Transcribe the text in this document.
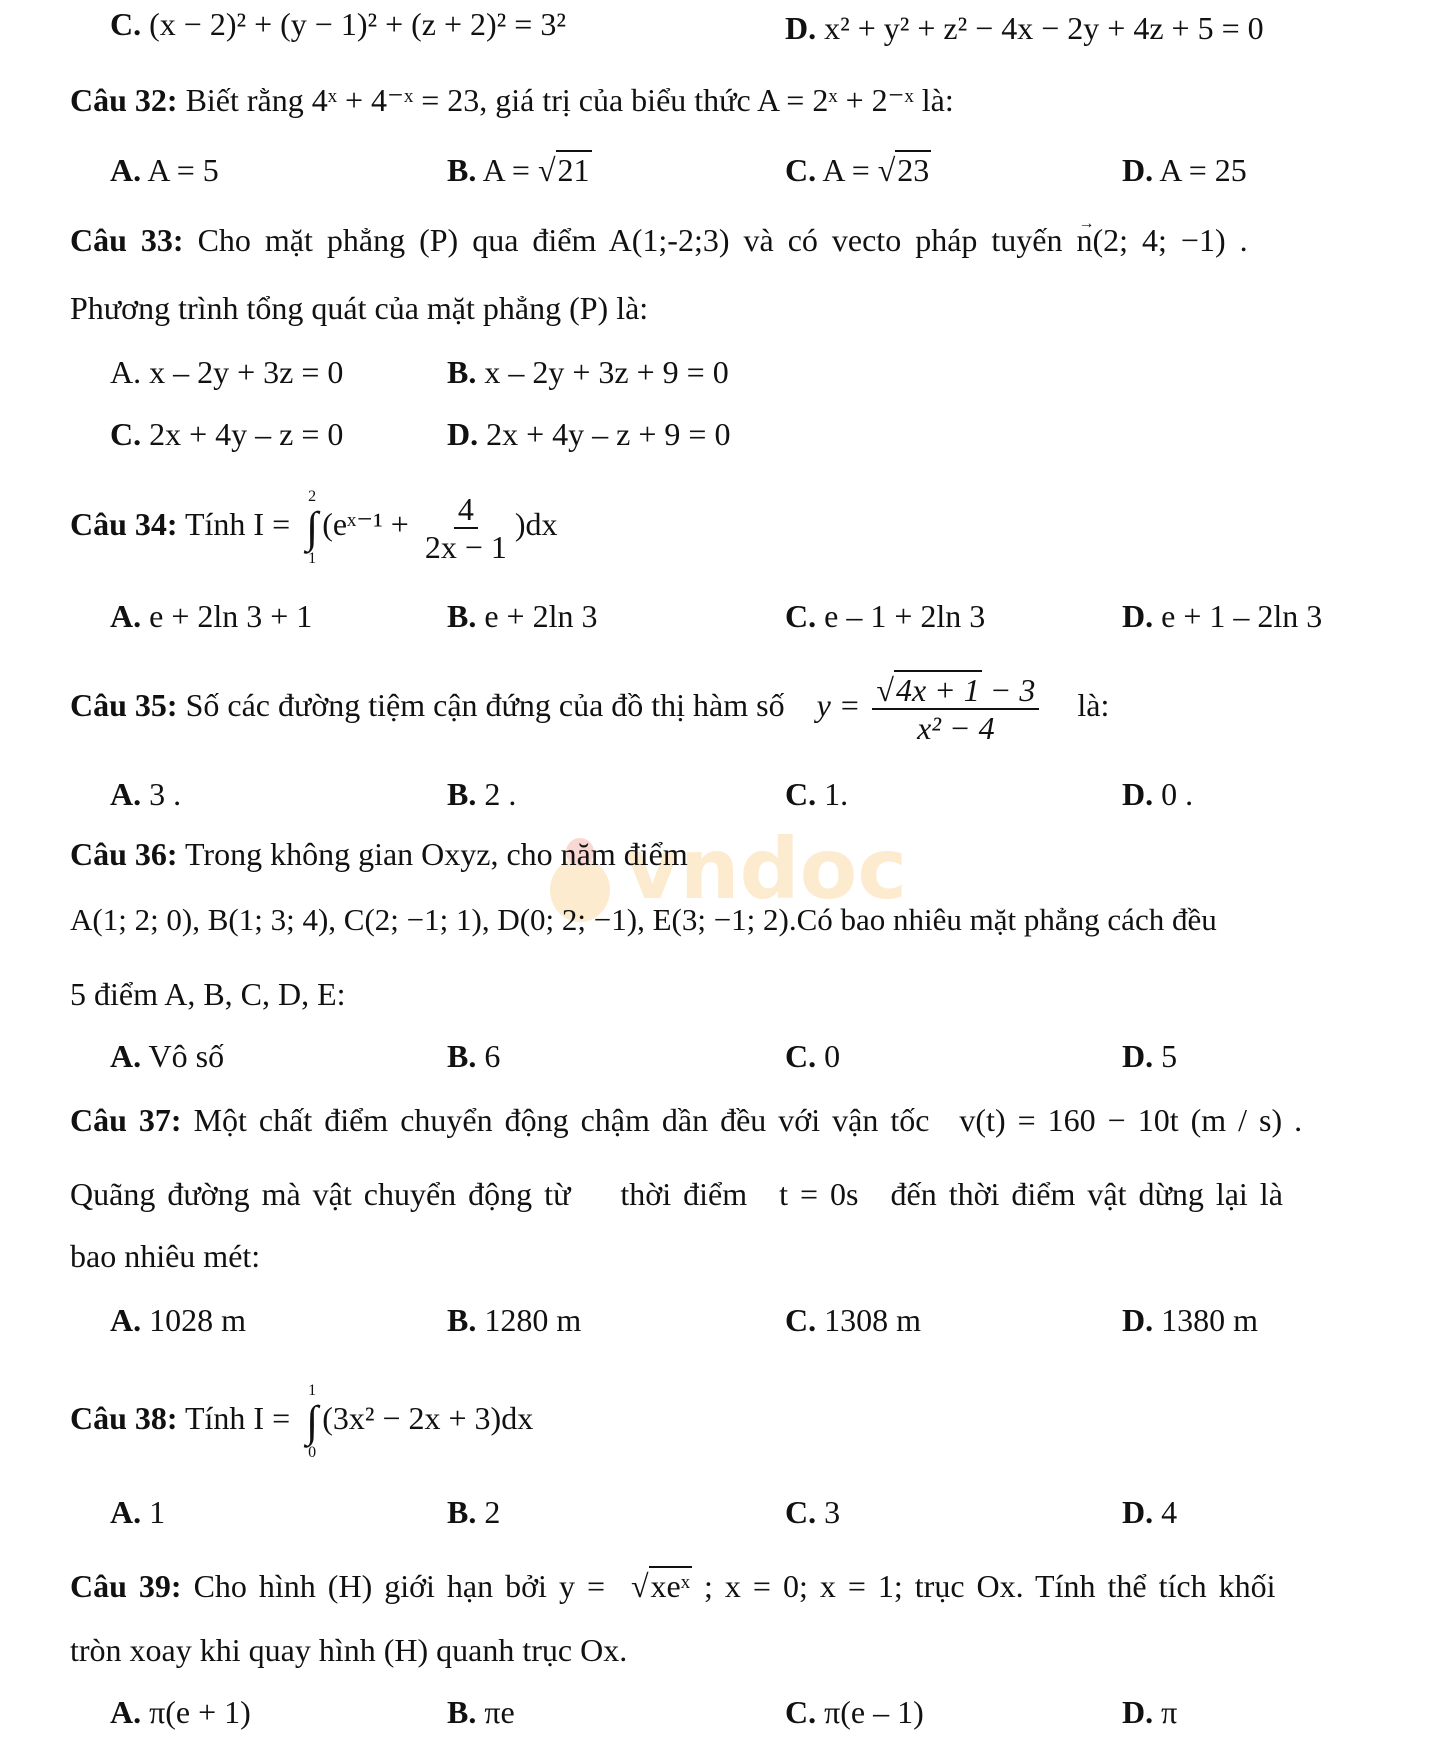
vndoc
C. (x − 2)² + (y − 1)² + (z + 2)² = 3²	D. x² + y² + z² − 4x − 2y + 4z + 5 = 0
Câu 32: Biết rằng 4ˣ + 4⁻ˣ = 23, giá trị của biểu thức A = 2ˣ + 2⁻ˣ là:
A. A = 5	B. A = √21	C. A = √23	D. A = 25
Câu 33: Cho mặt phẳng (P) qua điểm A(1;-2;3) và có vecto pháp tuyến → n(2; 4; −1) .
Phương trình tổng quát của mặt phẳng (P) là:
A. x – 2y + 3z = 0	B. x – 2y + 3z + 9 = 0
C. 2x + 4y – z = 0	D. 2x + 4y – z + 9 = 0
Câu 34: Tính I =
2
∫
1
(eˣ⁻¹ + $\frac{4}{2x - 1} )dx$
A. e + 2ln 3 + 1	B. e + 2ln 3	C. e – 1 + 2ln 3	D. e + 1 – 2ln 3
Câu 35: Số các đường tiệm cận đứng của đồ thị hàm số $y = \frac{√4x + 1 - 3}{\text{x² − 4}}$ là:
A. 3 .	B. 2 .	C. 1.	D. 0 .
Câu 36: Trong không gian Oxyz, cho năm điểm
A(1; 2; 0), B(1; 3; 4), C(2; −1; 1), D(0; 2; −1), E(3; −1; 2).Có bao nhiêu mặt phẳng cách đều
5 điểm A, B, C, D, E:
A. Vô số	B. 6	C. 0	D. 5
Câu 37: Một chất điểm chuyển động chậm dần đều với vận tốc v(t) = 160 − 10t (m / s) .
Quãng đường mà vật chuyển động từ thời điểm t = 0s đến thời điểm vật dừng lại là
bao nhiêu mét:
A. 1028 m	B. 1280 m	C. 1308 m	D. 1380 m
Câu 38: Tính I =
1
∫
0
(3x² − 2x + 3)dx
A. 1	B. 2	C. 3	D. 4
Câu 39: Cho hình (H) giới hạn bởi y = √xeˣ ; x = 0; x = 1; trục Ox. Tính thể tích khối
tròn xoay khi quay hình (H) quanh trục Ox.
A. π(e + 1)	B. πe	C. π(e – 1)	D. π
